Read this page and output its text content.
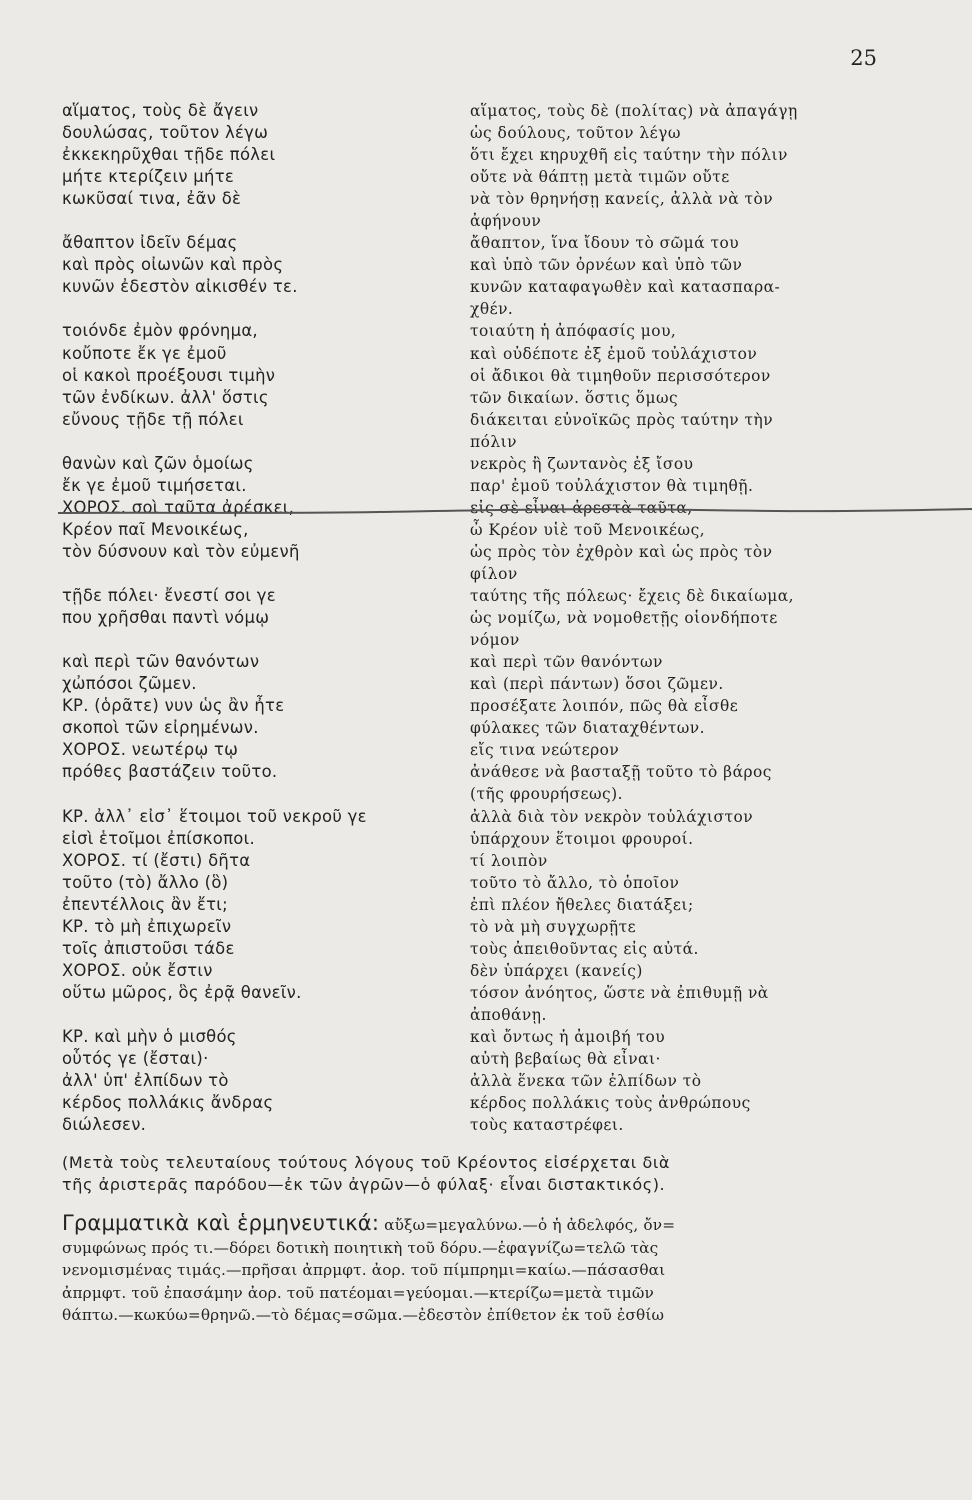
25
αἵματος, τοὺς δὲ ἄγειν	αἵματος, τοὺς δὲ (πολίτας) νὰ ἀπαγάγῃ
δουλώσας, τοῦτον λέγω	ὡς δούλους, τοῦτον λέγω
ἐκκεκηρῦχθαι τῇδε πόλει	ὅτι ἔχει κηρυχθῆ εἰς ταύτην τὴν πόλιν
μήτε κτερίζειν μήτε	οὔτε νὰ θάπτῃ μετὰ τιμῶν οὔτε
κωκῦσαί τινα, ἐᾶν δὲ	νὰ τὸν θρηνήσῃ κανείς, ἀλλὰ νὰ τὸν
ἀφήνουν
ἄθαπτον ἰδεῖν δέμας	ἄθαπτον, ἵνα ἴδουν τὸ σῶμά του
καὶ πρὸς οἰωνῶν καὶ πρὸς	καὶ ὑπὸ τῶν ὀρνέων καὶ ὑπὸ τῶν
κυνῶν ἐδεστὸν αἰκισθέν τε.	κυνῶν καταφαγωθὲν καὶ κατασπαρα-
χθέν.
τοιόνδε ἐμὸν φρόνημα,	τοιαύτη ἡ ἀπόφασίς μου,
κοὔποτε ἔκ γε ἐμοῦ	καὶ οὐδέποτε ἐξ ἐμοῦ τοὐλάχιστον
οἱ κακοὶ προέξουσι τιμὴν	οἱ ἄδικοι θὰ τιμηθοῦν περισσότερον
τῶν ἐνδίκων. ἀλλ' ὅστις	τῶν δικαίων. ὅστις ὅμως
εὔνους τῇδε τῇ πόλει	διάκειται εὐνοϊκῶς πρὸς ταύτην τὴν
πόλιν
θανὼν καὶ ζῶν ὁμοίως	νεκρὸς ἢ ζωντανὸς ἐξ ἴσου
ἔκ γε ἐμοῦ τιμήσεται.	παρ' ἐμοῦ τοὐλάχιστον θὰ τιμηθῇ.
ΧΟΡΟΣ. σοὶ ταῦτα ἀρέσκει,	εἰς σὲ εἶναι ἀρεστὰ ταῦτα,
Κρέον παῖ Μενοικέως,	ὦ Κρέον υἱὲ τοῦ Μενοικέως,
τὸν δύσνουν καὶ τὸν εὐμενῆ	ὡς πρὸς τὸν ἐχθρὸν καὶ ὡς πρὸς τὸν
φίλον
τῇδε πόλει· ἔνεστί σοι γε	ταύτης τῆς πόλεως· ἔχεις δὲ δικαίωμα,
που χρῆσθαι παντὶ νόμῳ	ὡς νομίζω, νὰ νομοθετῇς οἱονδήποτε
νόμον
καὶ περὶ τῶν θανόντων	καὶ περὶ τῶν θανόντων
χὠπόσοι ζῶμεν.	καὶ (περὶ πάντων) ὅσοι ζῶμεν.
ΚΡ. (ὁρᾶτε) νυν ὡς ἂν ἦτε	προσέξατε λοιπόν, πῶς θὰ εἶσθε
σκοποὶ τῶν εἰρημένων.	φύλακες τῶν διαταχθέντων.
ΧΟΡΟΣ. νεωτέρῳ τῳ	εἴς τινα νεώτερον
πρόθες βαστάζειν τοῦτο.	ἀνάθεσε νὰ βασταξῇ τοῦτο τὸ βάρος
(τῆς φρουρήσεως).
ΚΡ. ἀλλ᾽ εἰσ᾽ ἕτοιμοι τοῦ νεκροῦ γε	ἀλλὰ διὰ τὸν νεκρὸν τοὐλάχιστον
εἰσὶ ἑτοῖμοι ἐπίσκοποι.	ὑπάρχουν ἕτοιμοι φρουροί.
ΧΟΡΟΣ. τί (ἔστι) δῆτα	τί λοιπὸν
τοῦτο (τὸ) ἄλλο (ὃ)	τοῦτο τὸ ἄλλο, τὸ ὁποῖον
ἐπεντέλλοις ἂν ἔτι;	ἐπὶ πλέον ἤθελες διατάξει;
ΚΡ. τὸ μὴ ἐπιχωρεῖν	τὸ νὰ μὴ συγχωρῇτε
τοῖς ἀπιστοῦσι τάδε	τοὺς ἀπειθοῦντας εἰς αὐτά.
ΧΟΡΟΣ. οὐκ ἔστιν	δὲν ὑπάρχει (κανείς)
οὕτω μῶρος, ὃς ἐρᾷ θανεῖν.	τόσον ἀνόητος, ὥστε νὰ ἐπιθυμῇ νὰ
ἀποθάνῃ.
ΚΡ. καὶ μὴν ὁ μισθός	καὶ ὄντως ἡ ἀμοιβή του
οὗτός γε (ἔσται)·	αὐτὴ βεβαίως θὰ εἶναι·
ἀλλ' ὑπ' ἐλπίδων τὸ	ἀλλὰ ἕνεκα τῶν ἐλπίδων τὸ
κέρδος πολλάκις ἄνδρας	κέρδος πολλάκις τοὺς ἀνθρώπους
διώλεσεν.	τοὺς καταστρέφει.
(Μετὰ τοὺς τελευταίους τούτους λόγους τοῦ Κρέοντος εἰσέρχεται διὰ
τῆς ἀριστερᾶς παρόδου—ἐκ τῶν ἀγρῶν—ὁ φύλαξ· εἶναι διστακτικός).
Γραμματικὰ καὶ ἑρμηνευτικά: αὔξω=μεγαλύνω.—ὁ ἡ ἀδελφός, ὄν=
συμφώνως πρός τι.—δόρει δοτικὴ ποιητικὴ τοῦ δόρυ.—ἐφαγνίζω=τελῶ τὰς
νενομισμένας τιμάς.—πρῆσαι ἀπρμφτ. ἀορ. τοῦ πίμπρημι=καίω.—πάσασθαι
ἀπρμφτ. τοῦ ἐπασάμην ἀορ. τοῦ πατέομαι=γεύομαι.—κτερίζω=μετὰ τιμῶν
θάπτω.—κωκύω=θρηνῶ.—τὸ δέμας=σῶμα.—ἐδεστὸν ἐπίθετον ἐκ τοῦ ἐσθίω
